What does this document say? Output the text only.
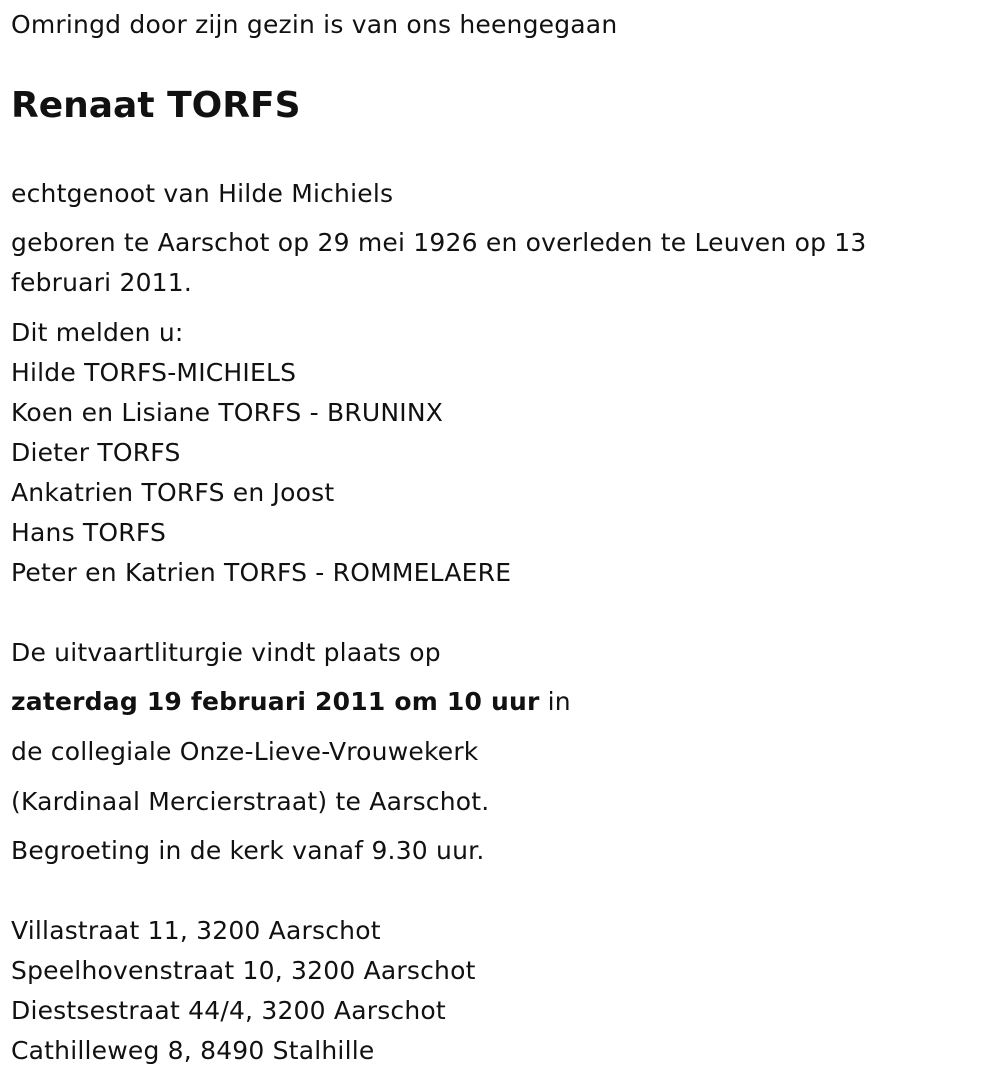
Omringd door zijn gezin is van ons heengegaan
Renaat TORFS
echtgenoot van Hilde Michiels
geboren te Aarschot op 29 mei 1926 en overleden te Leuven op 13
februari 2011.
Dit melden u:
Hilde TORFS-MICHIELS
Koen en Lisiane TORFS - BRUNINX
Dieter TORFS
Ankatrien TORFS en Joost
Hans TORFS
Peter en Katrien TORFS - ROMMELAERE
De uitvaartliturgie vindt plaats op
zaterdag 19 februari 2011 om 10 uur in
de collegiale Onze-Lieve-Vrouwekerk
(Kardinaal Mercierstraat) te Aarschot.
Begroeting in de kerk vanaf 9.30 uur.
Villastraat 11, 3200 Aarschot
Speelhovenstraat 10, 3200 Aarschot
Diestsestraat 44/4, 3200 Aarschot
Cathilleweg 8, 8490 Stalhille
